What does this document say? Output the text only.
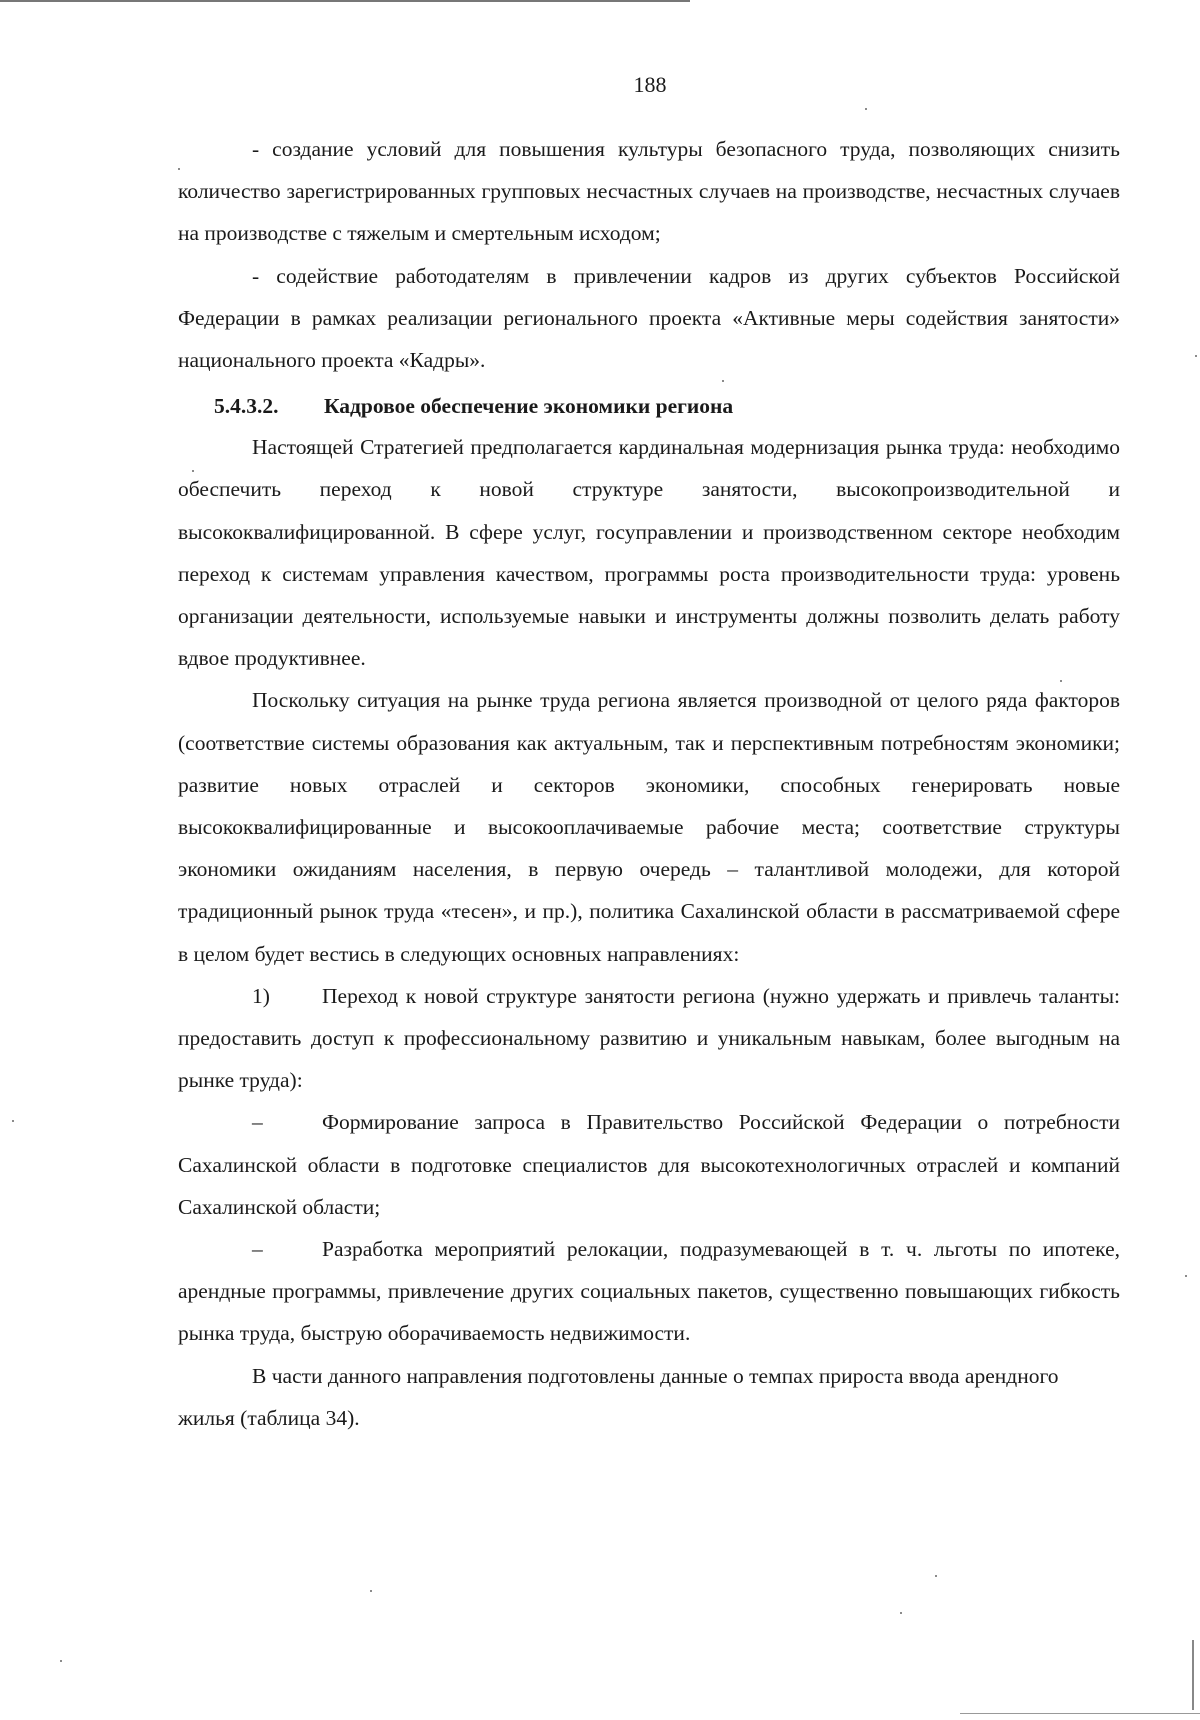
188

- создание условий для повышения культуры безопасного труда, позволяющих снизить количество зарегистрированных групповых несчастных случаев на производстве, несчастных случаев на производстве с тяжелым и смертельным исходом;

- содействие работодателям в привлечении кадров из других субъектов Российской Федерации в рамках реализации регионального проекта «Активные меры содействия занятости» национального проекта «Кадры».

5.4.3.2. Кадровое обеспечение экономики региона

Настоящей Стратегией предполагается кардинальная модернизация рынка труда: необходимо обеспечить переход к новой структуре занятости, высокопроизводительной и высококвалифицированной. В сфере услуг, госуправлении и производственном секторе необходим переход к системам управления качеством, программы роста производительности труда: уровень организации деятельности, используемые навыки и инструменты должны позволить делать работу вдвое продуктивнее.

Поскольку ситуация на рынке труда региона является производной от целого ряда факторов (соответствие системы образования как актуальным, так и перспективным потребностям экономики; развитие новых отраслей и секторов экономики, способных генерировать новые высококвалифицированные и высокооплачиваемые рабочие места; соответствие структуры экономики ожиданиям населения, в первую очередь – талантливой молодежи, для которой традиционный рынок труда «тесен», и пр.), политика Сахалинской области в рассматриваемой сфере в целом будет вестись в следующих основных направлениях:

1)	Переход к новой структуре занятости региона (нужно удержать и привлечь таланты: предоставить доступ к профессиональному развитию и уникальным навыкам, более выгодным на рынке труда):
–	Формирование запроса в Правительство Российской Федерации о потребности Сахалинской области в подготовке специалистов для высокотехнологичных отраслей и компаний Сахалинской области;
–	Разработка мероприятий релокации, подразумевающей в т. ч. льготы по ипотеке, арендные программы, привлечение других социальных пакетов, существенно повышающих гибкость рынка труда, быструю оборачиваемость недвижимости.

В части данного направления подготовлены данные о темпах прироста ввода арендного жилья (таблица 34).
